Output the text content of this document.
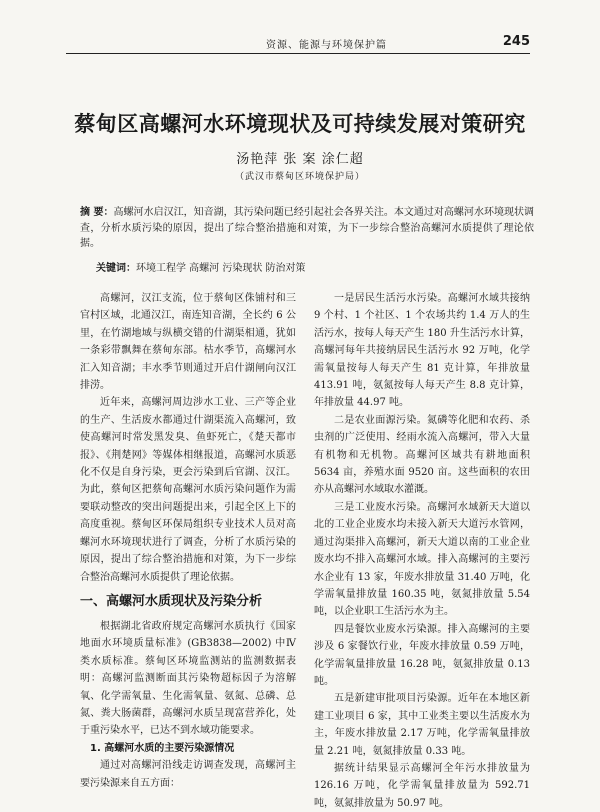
资源、能源与环境保护篇	245
蔡甸区高螺河水环境现状及可持续发展对策研究
汤艳萍 张 案 涂仁超
（武汉市蔡甸区环境保护局）
摘 要：高螺河水启汉江，知音湖，其污染问题已经引起社会各界关注。本文通过对高螺河水环境现状调查，分析水质污染的原因，提出了综合整治措施和对策，为下一步综合整治高螺河水质提供了理论依据。
关键词：环境工程学 高螺河 污染现状 防治对策

高螺河，汉江支流，位于蔡甸区侏铺村和三官村区域，北通汉江，南连知音湖，全长约 6 公里，在竹湖地域与纵横交错的什湖渠相通，犹如一条彩带飘舞在蔡甸东部。枯水季节，高螺河水汇入知音湖；丰水季节则通过开启什湖闸向汉江排涝。

近年来，高螺河周边涉水工业、三产等企业的生产、生活废水都通过什湖渠流入高螺河，致使高螺河时常发黑发臭、鱼虾死亡，《楚天都市报》、《荆楚网》等媒体相继报道，高螺河水质恶化不仅是自身污染，更会污染到后官湖、汉江。为此，蔡甸区把蔡甸高螺河水质污染问题作为需要联动整改的突出问题提出来，引起全区上下的高度重视。蔡甸区环保局组织专业技术人员对高螺河水环境现状进行了调查，分析了水质污染的原因，提出了综合整治措施和对策，为下一步综合整治高螺河水质提供了理论依据。

一、高螺河水质现状及污染分析

根据湖北省政府规定高螺河水质执行《国家地面水环境质量标准》(GB3838—2002) 中Ⅳ类水质标准。蔡甸区环境监测站的监测数据表明：高螺河监测断面其污染物超标因子为溶解氧、化学需氧量、生化需氧量、氨氮、总磷、总氮、粪大肠菌群，高螺河水质呈现富营养化，处于重污染水平，已达不到水域功能要求。

1. 高螺河水质的主要污染源情况

通过对高螺河沿线走访调查发现，高螺河主要污染源来自五方面：

一是居民生活污水污染。高螺河水域共接纳 9 个村、1 个社区、1 个农场共约 1.4 万人的生活污水，按每人每天产生 180 升生活污水计算，高螺河每年共接纳居民生活污水 92 万吨，化学需氧量按每人每天产生 81 克计算，年排放量 413.91 吨，氨氮按每人每天产生 8.8 克计算，年排放量 44.97 吨。

二是农业面源污染。氮磷等化肥和农药、杀虫剂的广泛使用、经雨水流入高螺河，带入大量有机物和无机物。高螺河区域共有耕地面积 5634 亩，养殖水面 9520 亩。这些面积的农田亦从高螺河水域取水灌溉。

三是工业废水污染。高螺河水域新天大道以北的工业企业废水均未接入新天大道污水管网，通过沟渠排入高螺河，新天大道以南的工业企业废水均不排入高螺河水域。排入高螺河的主要污水企业有 13 家，年废水排放量 31.40 万吨，化学需氧量排放量 160.35 吨，氨氮排放量 5.54 吨，以企业职工生活污水为主。

四是餐饮业废水污染源。排入高螺河的主要涉及 6 家餐饮行业，年废水排放量 0.59 万吨，化学需氧量排放量 16.28 吨，氨氮排放量 0.13 吨。

五是新建审批项目污染源。近年在本地区新建工业项目 6 家，其中工业类主要以生活废水为主，年废水排放量 2.17 万吨，化学需氧量排放量 2.21 吨，氨氮排放量 0.33 吨。

据统计结果显示高螺河全年污水排放量为 126.16 万吨，化学需氧量排放量为 592.71 吨，氨氮排放量为 50.97 吨。
